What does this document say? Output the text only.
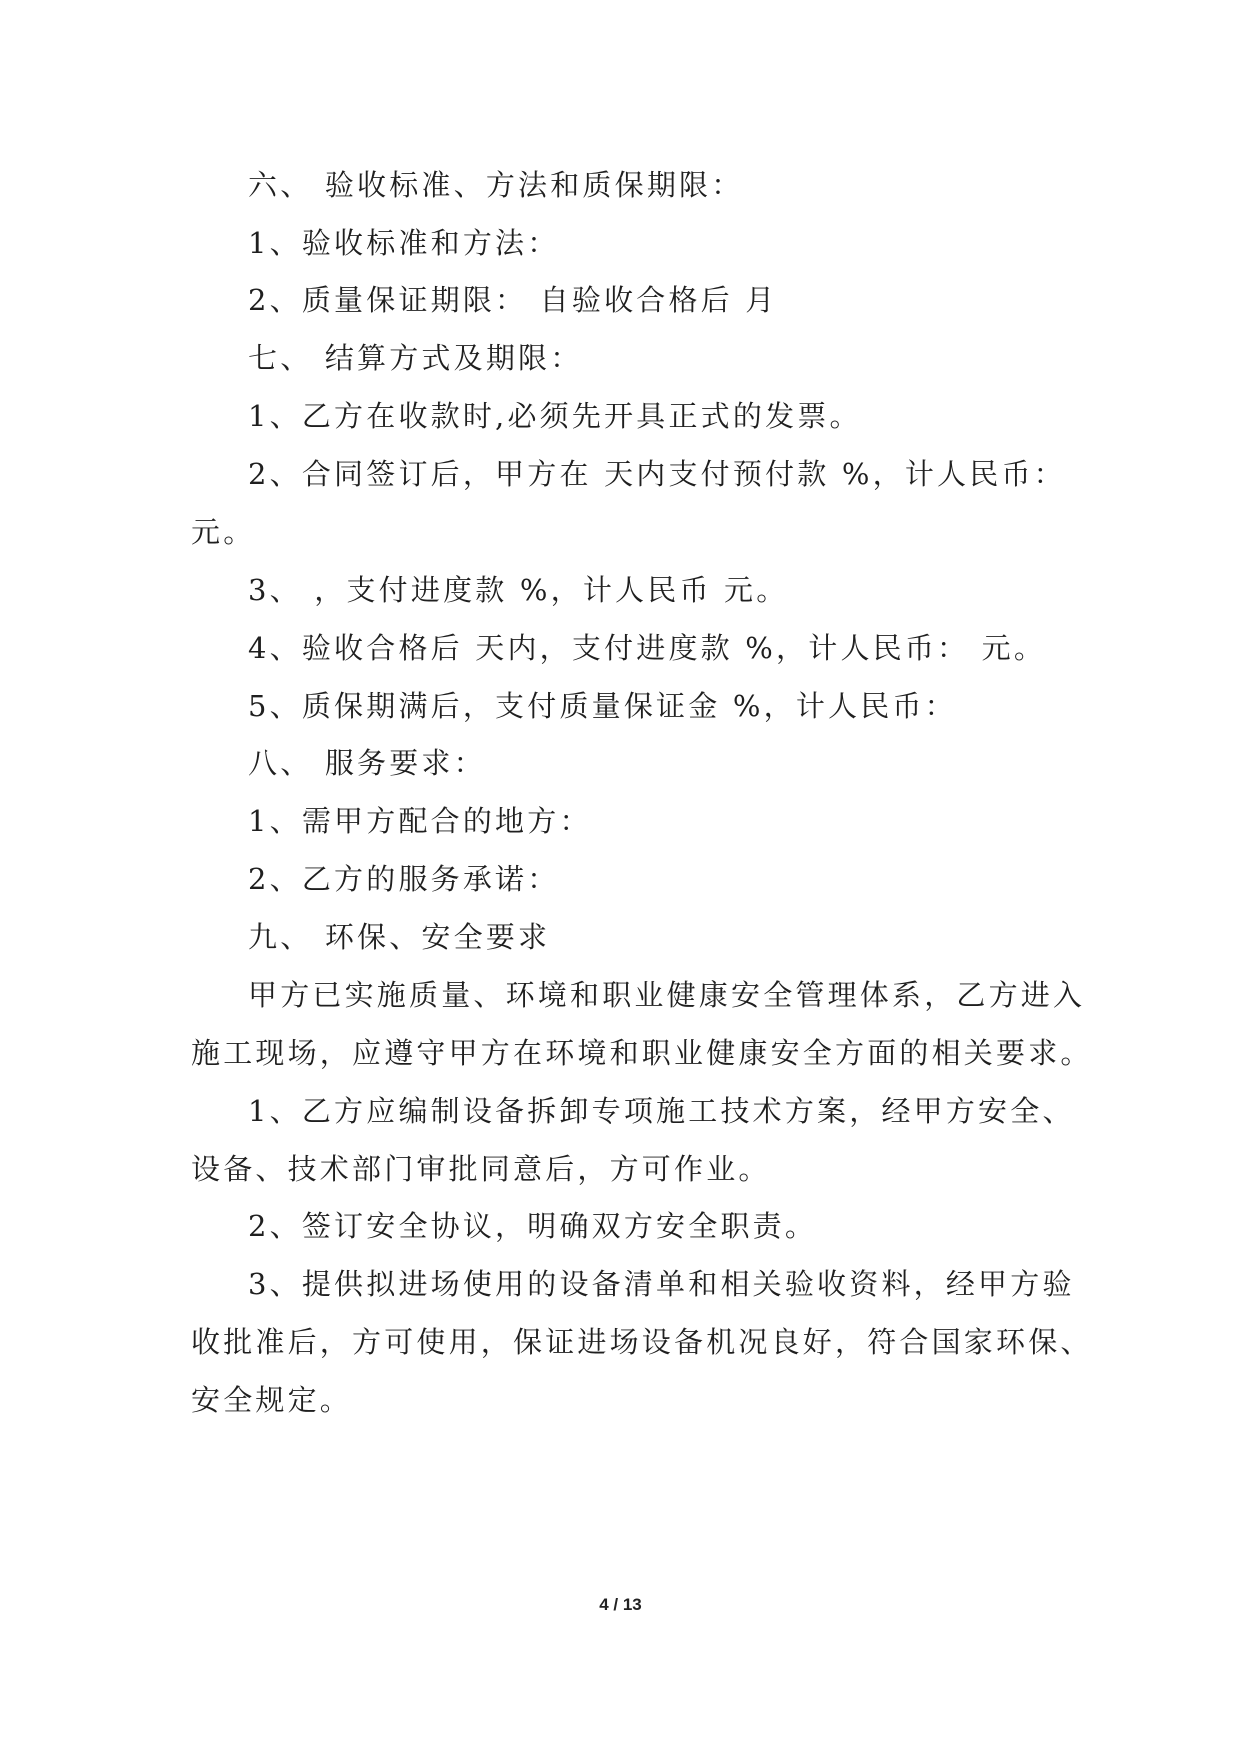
六、 验收标准、方法和质保期限：

1、验收标准和方法：

2、质量保证期限： 自验收合格后 月

七、 结算方式及期限：

1、乙方在收款时,必须先开具正式的发票。

2、合同签订后，甲方在 天内支付预付款 %，计人民币：

元。

3、 ，支付进度款 %，计人民币 元。

4、验收合格后 天内，支付进度款 %，计人民币： 元。

5、质保期满后，支付质量保证金 %，计人民币：

八、 服务要求：

1、需甲方配合的地方：

2、乙方的服务承诺：

九、 环保、安全要求

甲方已实施质量、环境和职业健康安全管理体系，乙方进入

施工现场，应遵守甲方在环境和职业健康安全方面的相关要求。

1、乙方应编制设备拆卸专项施工技术方案，经甲方安全、

设备、技术部门审批同意后，方可作业。

2、签订安全协议，明确双方安全职责。

3、提供拟进场使用的设备清单和相关验收资料，经甲方验

收批准后，方可使用，保证进场设备机况良好，符合国家环保、

安全规定。

4 / 13
